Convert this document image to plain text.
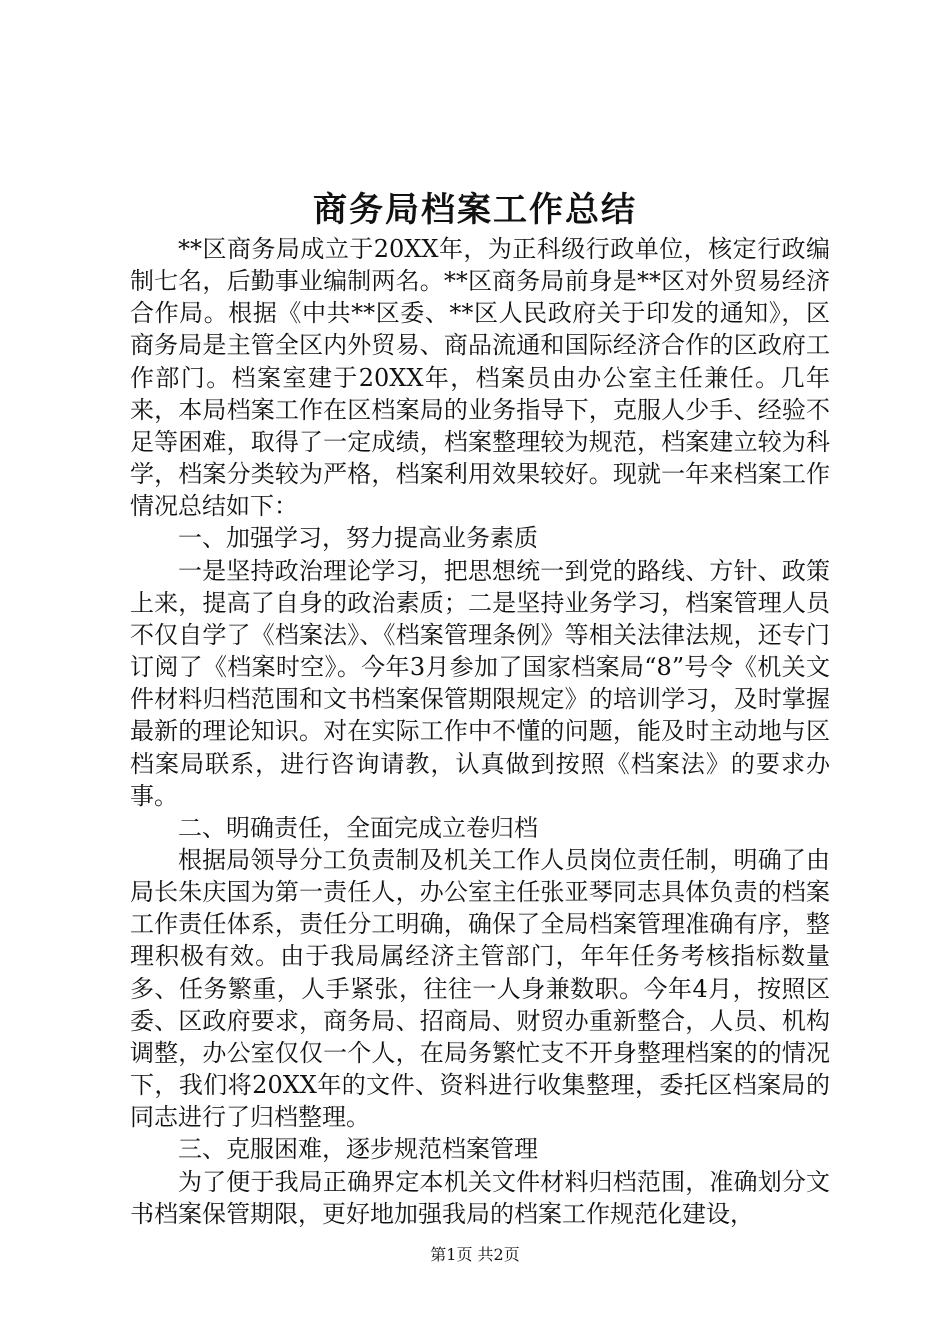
商务局档案工作总结

**区商务局成立于20XX年，为正科级行政单位，核定行政编制七名，后勤事业编制两名。**区商务局前身是**区对外贸易经济合作局。根据《中共**区委、**区人民政府关于印发的通知》，区商务局是主管全区内外贸易、商品流通和国际经济合作的区政府工作部门。档案室建于20XX年，档案员由办公室主任兼任。几年来，本局档案工作在区档案局的业务指导下，克服人少手、经验不足等困难，取得了一定成绩，档案整理较为规范，档案建立较为科学，档案分类较为严格，档案利用效果较好。现就一年来档案工作情况总结如下：

一、加强学习，努力提高业务素质

一是坚持政治理论学习，把思想统一到党的路线、方针、政策上来，提高了自身的政治素质；二是坚持业务学习，档案管理人员不仅自学了《档案法》、《档案管理条例》等相关法律法规，还专门订阅了《档案时空》。今年3月参加了国家档案局“8”号令《机关文件材料归档范围和文书档案保管期限规定》的培训学习，及时掌握最新的理论知识。对在实际工作中不懂的问题，能及时主动地与区档案局联系，进行咨询请教，认真做到按照《档案法》的要求办事。

二、明确责任，全面完成立卷归档

根据局领导分工负责制及机关工作人员岗位责任制，明确了由局长朱庆国为第一责任人，办公室主任张亚琴同志具体负责的档案工作责任体系，责任分工明确，确保了全局档案管理准确有序，整理积极有效。由于我局属经济主管部门，年年任务考核指标数量多、任务繁重，人手紧张，往往一人身兼数职。今年4月，按照区委、区政府要求，商务局、招商局、财贸办重新整合，人员、机构调整，办公室仅仅一个人，在局务繁忙支不开身整理档案的的情况下，我们将20XX年的文件、资料进行收集整理，委托区档案局的同志进行了归档整理。

三、克服困难，逐步规范档案管理

为了便于我局正确界定本机关文件材料归档范围，准确划分文书档案保管期限，更好地加强我局的档案工作规范化建设，

第1页 共2页
